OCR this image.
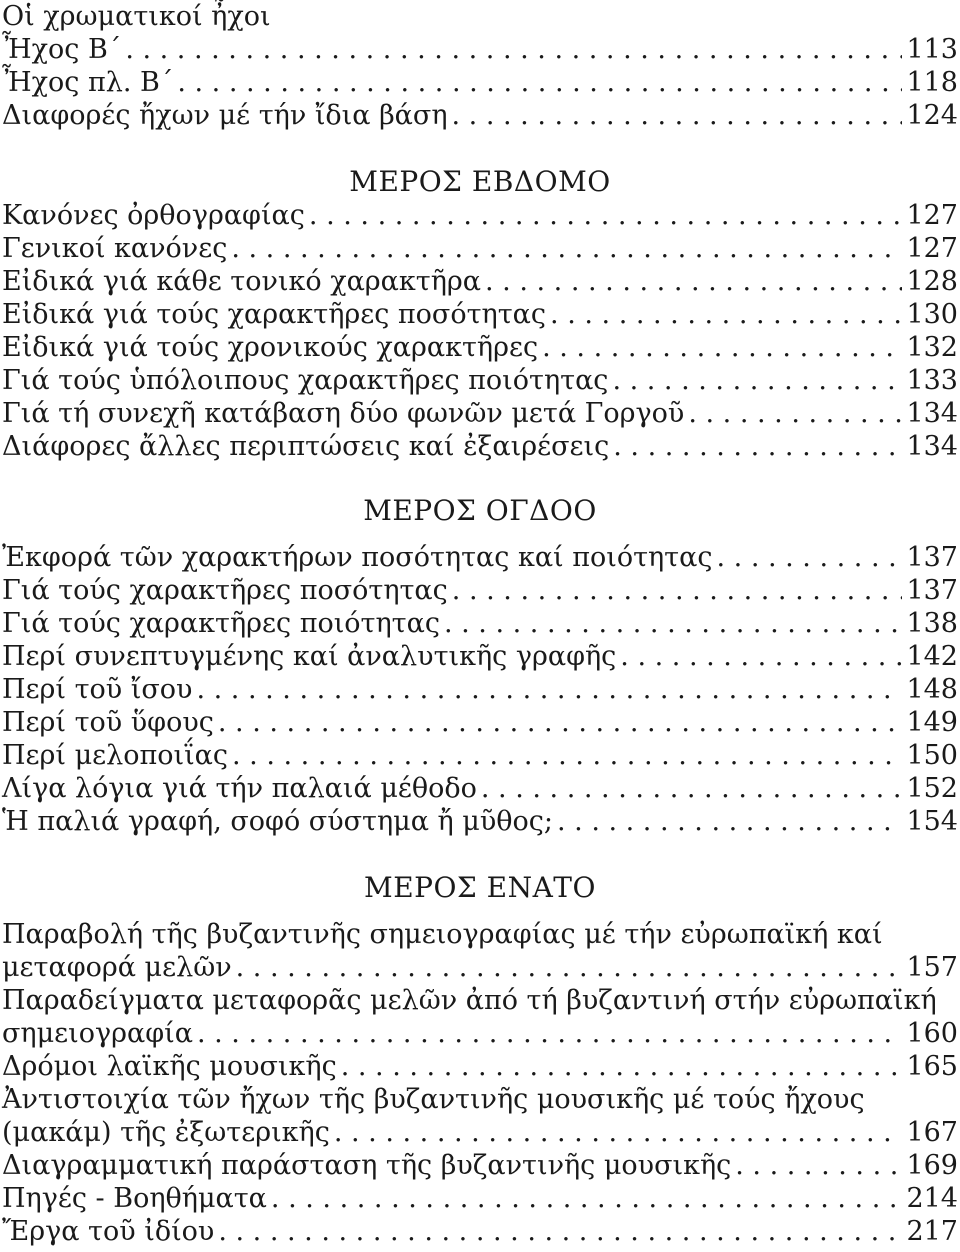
Οἱ χρωματικοί ἦχοι
Ἦχος Β΄ . . .	113
Ἦχος πλ. Β΄ . . .	118
Διαφορές ἤχων μέ τήν ἴδια βάση . . .	124
ΜΕΡΟΣ ΕΒΔΟΜΟ
Κανόνες ὀρθογραφίας . . .	127
Γενικοί κανόνες . . .	127
Εἰδικά γιά κάθε τονικό χαρακτῆρα . . .	128
Εἰδικά γιά τούς χαρακτῆρες ποσότητας . . .	130
Εἰδικά γιά τούς χρονικούς χαρακτῆρες . . .	132
Γιά τούς ὑπόλοιπους χαρακτῆρες ποιότητας . . .	133
Γιά τή συνεχῆ κατάβαση δύο φωνῶν μετά Γοργοῦ . . .	134
Διάφορες ἄλλες περιπτώσεις καί ἐξαιρέσεις . . .	134
ΜΕΡΟΣ ΟΓΔΟΟ
Ἐκφορά τῶν χαρακτήρων ποσότητας καί ποιότητας . . .	137
Γιά τούς χαρακτῆρες ποσότητας . . .	137
Γιά τούς χαρακτῆρες ποιότητας . . .	138
Περί συνεπτυγμένης καί ἀναλυτικῆς γραφῆς . . .	142
Περί τοῦ ἴσου . . .	148
Περί τοῦ ὕφους . . .	149
Περί μελοποιΐας . . .	150
Λίγα λόγια γιά τήν παλαιά μέθοδο . . .	152
Ἡ παλιά γραφή, σοφό σύστημα ἤ μῦθος; . . .	154
ΜΕΡΟΣ ΕΝΑΤΟ
Παραβολή τῆς βυζαντινῆς σημειογραφίας μέ τήν εὐρωπαϊκή καί
μεταφορά μελῶν . . .	157
Παραδείγματα μεταφορᾶς μελῶν ἀπό τή βυζαντινή στήν εὐρωπαϊκή
σημειογραφία . . .	160
Δρόμοι λαϊκῆς μουσικῆς . . .	165
Ἀντιστοιχία τῶν ἤχων τῆς βυζαντινῆς μουσικῆς μέ τούς ἤχους
(μακάμ) τῆς ἐξωτερικῆς . . .	167
Διαγραμματική παράσταση τῆς βυζαντινῆς μουσικῆς . . .	169
Πηγές - Βοηθήματα . . .	214
Ἔργα τοῦ ἰδίου . . .	217
